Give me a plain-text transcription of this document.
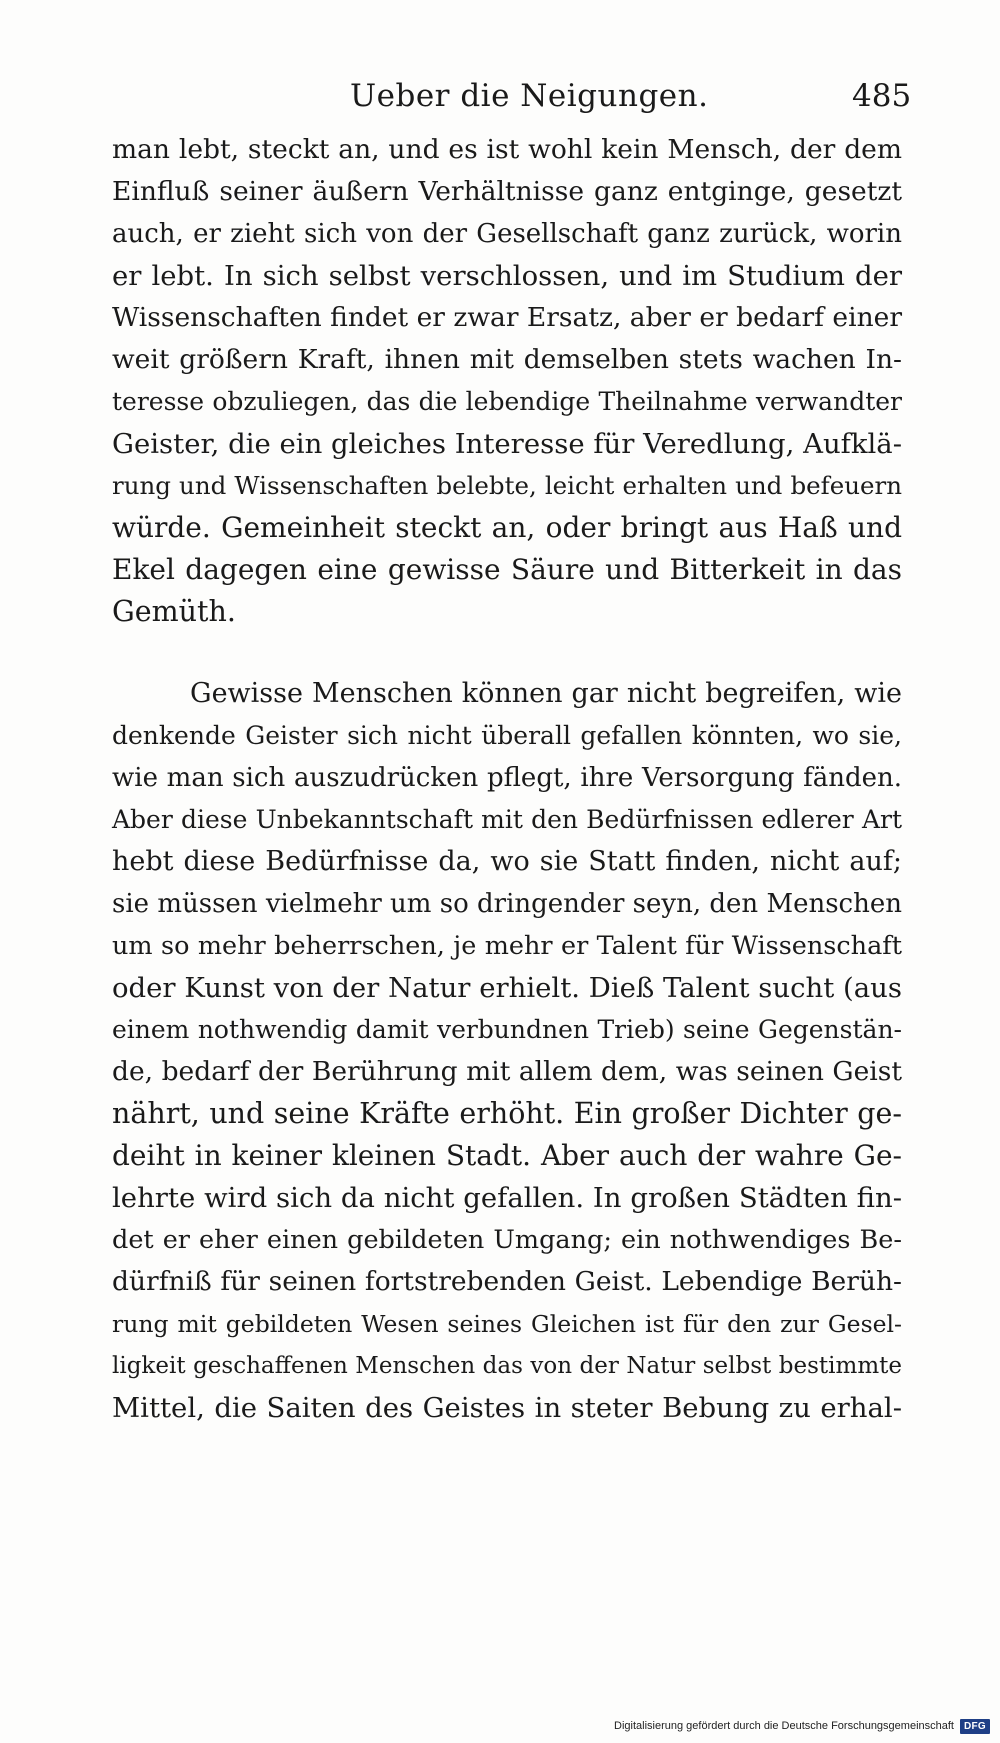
Ueber die Neigungen.	485
man lebt, steckt an, und es ist wohl kein Mensch, der dem
Einfluß seiner äußern Verhältnisse ganz entginge, gesetzt
auch, er zieht sich von der Gesellschaft ganz zurück, worin
er lebt. In sich selbst verschlossen, und im Studium der
Wissenschaften findet er zwar Ersatz, aber er bedarf einer
weit größern Kraft, ihnen mit demselben stets wachen In-
teresse obzuliegen, das die lebendige Theilnahme verwandter
Geister, die ein gleiches Interesse für Veredlung, Aufklä-
rung und Wissenschaften belebte, leicht erhalten und befeuern
würde. Gemeinheit steckt an, oder bringt aus Haß und
Ekel dagegen eine gewisse Säure und Bitterkeit in das
Gemüth.
Gewisse Menschen können gar nicht begreifen, wie
denkende Geister sich nicht überall gefallen könnten, wo sie,
wie man sich auszudrücken pflegt, ihre Versorgung fänden.
Aber diese Unbekanntschaft mit den Bedürfnissen edlerer Art
hebt diese Bedürfnisse da, wo sie Statt finden, nicht auf;
sie müssen vielmehr um so dringender seyn, den Menschen
um so mehr beherrschen, je mehr er Talent für Wissenschaft
oder Kunst von der Natur erhielt. Dieß Talent sucht (aus
einem nothwendig damit verbundnen Trieb) seine Gegenstän-
de, bedarf der Berührung mit allem dem, was seinen Geist
nährt, und seine Kräfte erhöht. Ein großer Dichter ge-
deiht in keiner kleinen Stadt. Aber auch der wahre Ge-
lehrte wird sich da nicht gefallen. In großen Städten fin-
det er eher einen gebildeten Umgang; ein nothwendiges Be-
dürfniß für seinen fortstrebenden Geist. Lebendige Berüh-
rung mit gebildeten Wesen seines Gleichen ist für den zur Gesel-
ligkeit geschaffenen Menschen das von der Natur selbst bestimmte
Mittel, die Saiten des Geistes in steter Bebung zu erhal-
Digitalisierung gefördert durch die Deutsche Forschungsgemeinschaft	DFG
